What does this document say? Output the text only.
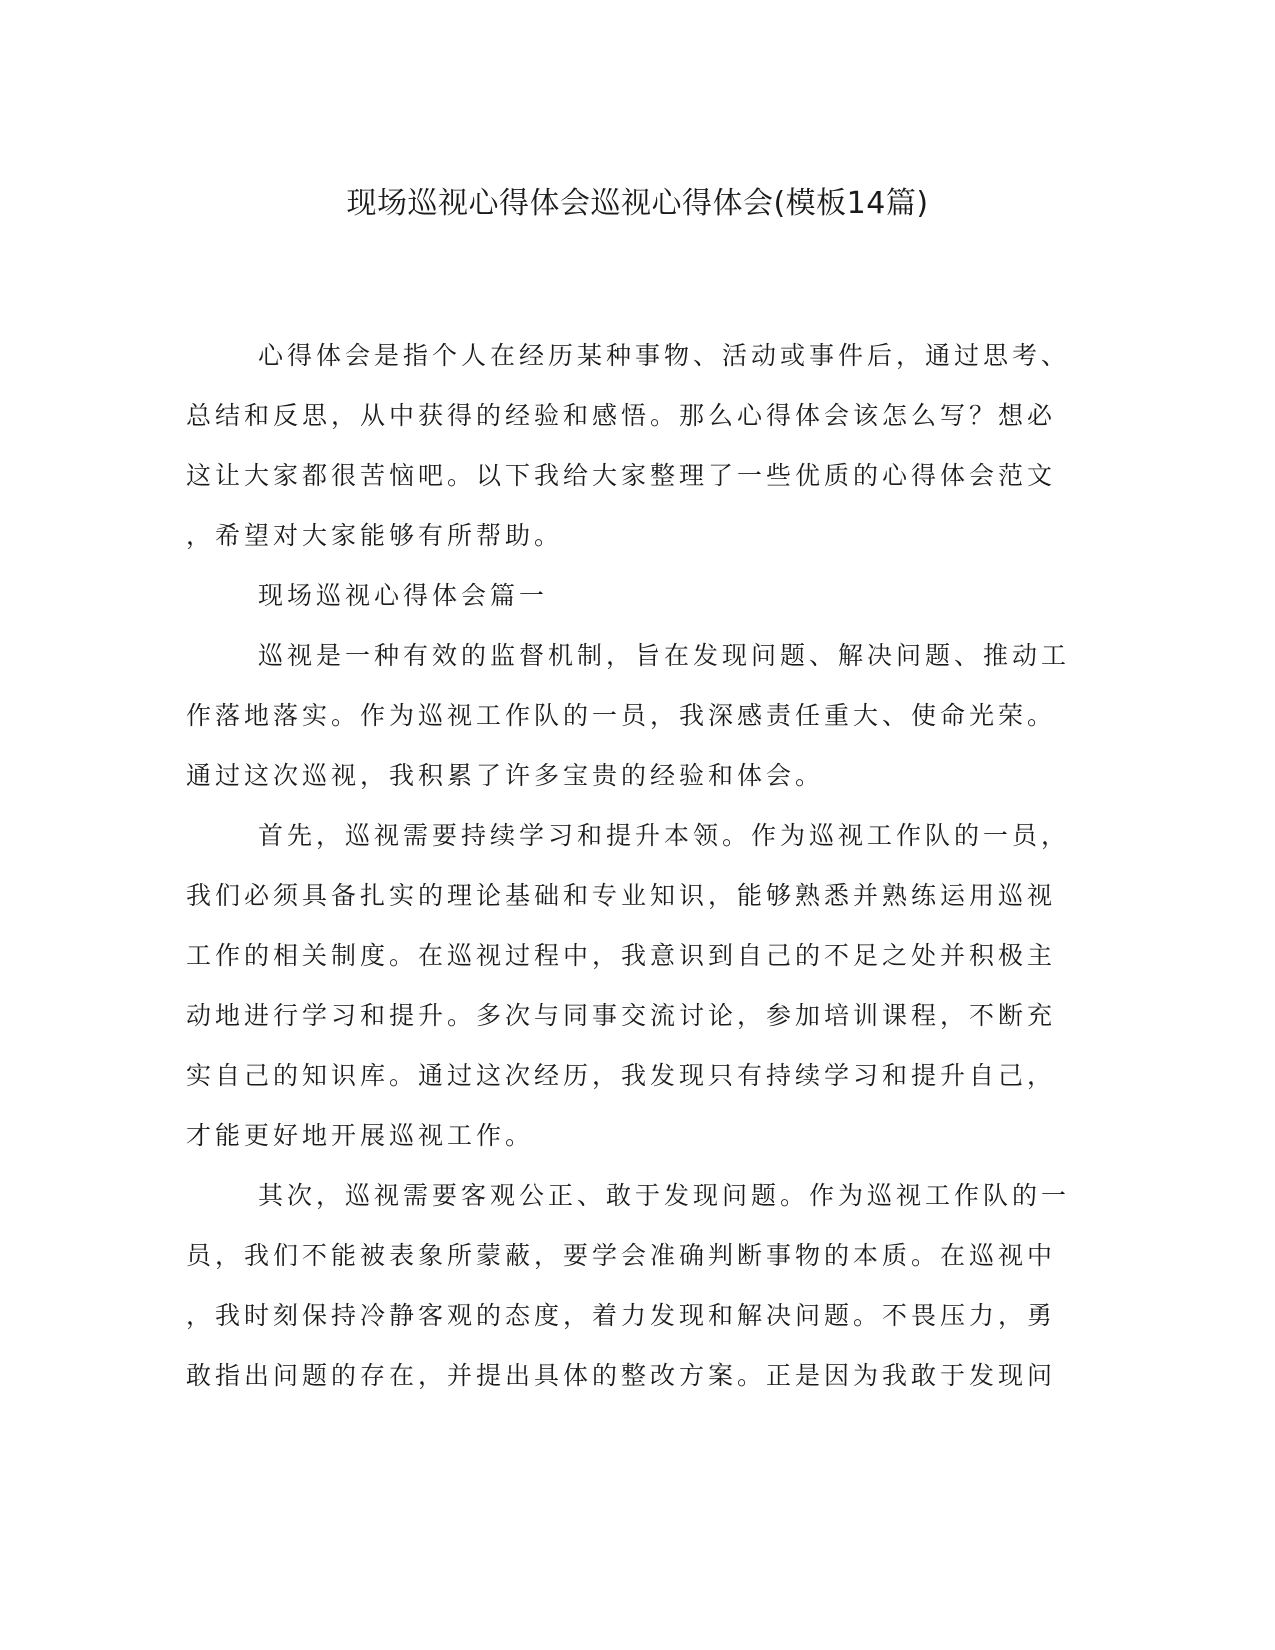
现场巡视心得体会巡视心得体会(模板14篇)
心得体会是指个人在经历某种事物、活动或事件后，通过思考、
总结和反思，从中获得的经验和感悟。那么心得体会该怎么写？想必
这让大家都很苦恼吧。以下我给大家整理了一些优质的心得体会范文
，希望对大家能够有所帮助。
现场巡视心得体会篇一
巡视是一种有效的监督机制，旨在发现问题、解决问题、推动工
作落地落实。作为巡视工作队的一员，我深感责任重大、使命光荣。
通过这次巡视，我积累了许多宝贵的经验和体会。
首先，巡视需要持续学习和提升本领。作为巡视工作队的一员，
我们必须具备扎实的理论基础和专业知识，能够熟悉并熟练运用巡视
工作的相关制度。在巡视过程中，我意识到自己的不足之处并积极主
动地进行学习和提升。多次与同事交流讨论，参加培训课程，不断充
实自己的知识库。通过这次经历，我发现只有持续学习和提升自己，
才能更好地开展巡视工作。
其次，巡视需要客观公正、敢于发现问题。作为巡视工作队的一
员，我们不能被表象所蒙蔽，要学会准确判断事物的本质。在巡视中
，我时刻保持冷静客观的态度，着力发现和解决问题。不畏压力，勇
敢指出问题的存在，并提出具体的整改方案。正是因为我敢于发现问
